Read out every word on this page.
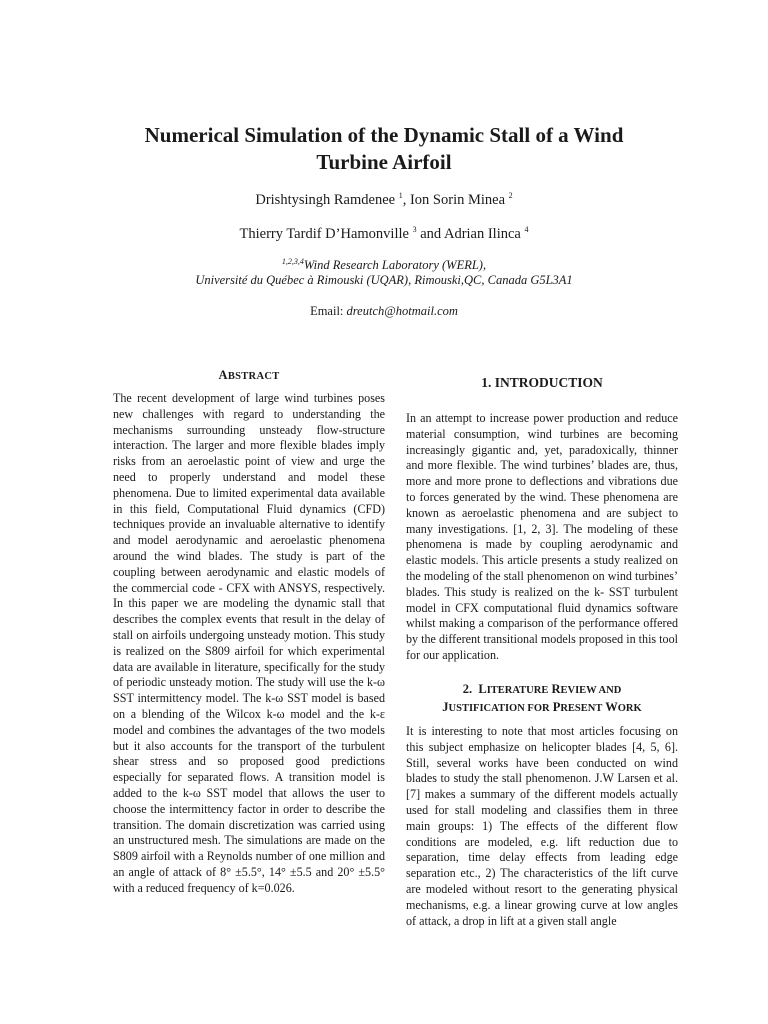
Numerical Simulation of the Dynamic Stall of a Wind Turbine Airfoil
Drishtysingh Ramdenee $^1$, Ion Sorin Minea $^2$
Thierry Tardif D’Hamonville $^3$ and Adrian Ilinca $^4$
$^{1,2,3,4}$Wind Research Laboratory (WERL),
Université du Québec à Rimouski (UQAR), Rimouski,QC, Canada G5L3A1
Email: dreutch@hotmail.com
ABSTRACT

The recent development of large wind turbines poses new challenges with regard to understanding the mechanisms surrounding unsteady flow-structure interaction. The larger and more flexible blades imply risks from an aeroelastic point of view and urge the need to properly understand and model these phenomena. Due to limited experimental data available in this field, Computational Fluid dynamics (CFD) techniques provide an invaluable alternative to identify and model aerodynamic and aeroelastic phenomena around the wind blades. The study is part of the coupling between aerodynamic and elastic models of the commercial code - CFX with ANSYS, respectively. In this paper we are modeling the dynamic stall that describes the complex events that result in the delay of stall on airfoils undergoing unsteady motion. This study is realized on the S809 airfoil for which experimental data are available in literature, specifically for the study of periodic unsteady motion. The study will use the k-ω SST intermittency model. The k-ω SST model is based on a blending of the Wilcox k-ω model and the k-ε model and combines the advantages of the two models but it also accounts for the transport of the turbulent shear stress and so proposed good predictions especially for separated flows. A transition model is added to the k-ω SST model that allows the user to choose the intermittency factor in order to describe the transition. The domain discretization was carried using an unstructured mesh. The simulations are made on the S809 airfoil with a Reynolds number of one million and an angle of attack of 8° ±5.5°, 14° ±5.5 and 20° ±5.5° with a reduced frequency of k=0.026.

1. INTRODUCTION

In an attempt to increase power production and reduce material consumption, wind turbines are becoming increasingly gigantic and, yet, paradoxically, thinner and more flexible. The wind turbines’ blades are, thus, more and more prone to deflections and vibrations due to forces generated by the wind. These phenomena are known as aeroelastic phenomena and are subject to many investigations. [1, 2, 3]. The modeling of these phenomena is made by coupling aerodynamic and elastic models. This article presents a study realized on the modeling of the stall phenomenon on wind turbines’ blades. This study is realized on the k- SST turbulent model in CFX computational fluid dynamics software whilst making a comparison of the performance offered by the different transitional models proposed in this tool for our application.

2.  LITERATURE REVIEW AND
JUSTIFICATION FOR PRESENT WORK

It is interesting to note that most articles focusing on this subject emphasize on helicopter blades [4, 5, 6]. Still, several works have been conducted on wind blades to study the stall phenomenon. J.W Larsen et al. [7] makes a summary of the different models actually used for stall modeling and classifies them in three main groups: 1) The effects of the different flow conditions are modeled, e.g. lift reduction due to separation, time delay effects from leading edge separation etc., 2) The characteristics of the lift curve are modeled without resort to the generating physical mechanisms, e.g. a linear growing curve at low angles of attack, a drop in lift at a given stall angle
